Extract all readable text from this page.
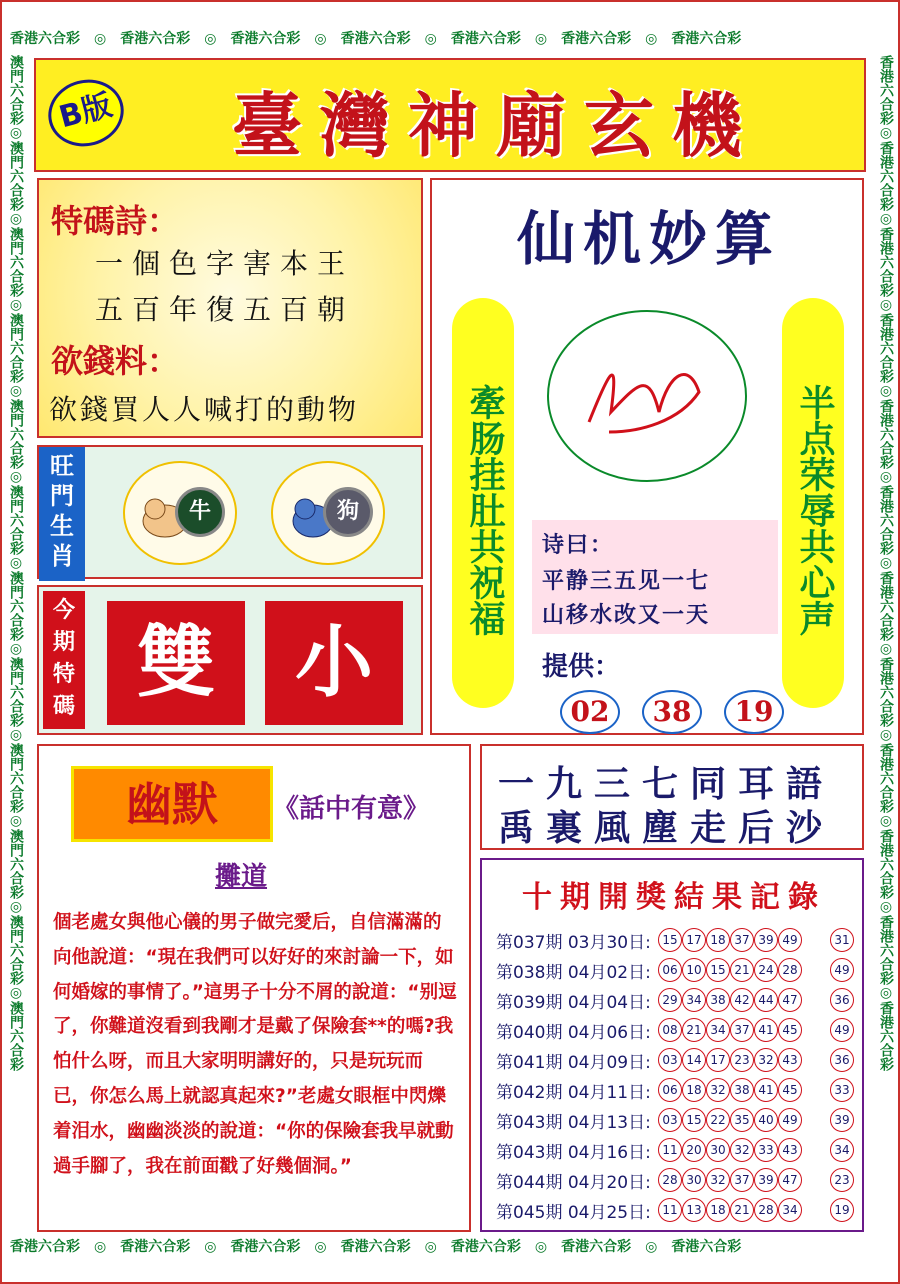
香港六合彩　◎　香港六合彩　◎　香港六合彩　◎　香港六合彩　◎　香港六合彩　◎　香港六合彩　◎　香港六合彩
香港六合彩　◎　香港六合彩　◎　香港六合彩　◎　香港六合彩　◎　香港六合彩　◎　香港六合彩　◎　香港六合彩
澳門六合彩◎澳門六合彩◎澳門六合彩◎澳門六合彩◎澳門六合彩◎澳門六合彩◎澳門六合彩◎澳門六合彩◎澳門六合彩◎澳門六合彩◎澳門六合彩◎澳門六合彩
香港六合彩◎香港六合彩◎香港六合彩◎香港六合彩◎香港六合彩◎香港六合彩◎香港六合彩◎香港六合彩◎香港六合彩◎香港六合彩◎香港六合彩◎香港六合彩
B版	臺灣神廟玄機
特碼詩：
一個色字害本王
五百年復五百朝
欲錢料：
欲錢買人人喊打的動物
旺門生肖
牛	狗
今期特碼 雙	小
仙机妙算
牽肠挂肚共祝福	半点荣辱共心声
诗曰：
平静三五见一七
山移水改又一天
提供：
02	38	19
幽默	《話中有意》
攤道
個老處女與他心儀的男子做完愛后，自信滿滿的向他說道：“現在我們可以好好的來討論一下，如何婚嫁的事情了。”這男子十分不屑的說道：“别逗了，你難道沒看到我剛才是戴了保險套**的嗎?我怕什么呀，而且大家明明講好的，只是玩玩而已，你怎么馬上就認真起來?”老處女眼框中閃爍着泪水，幽幽淡淡的說道：“你的保險套我早就動過手腳了，我在前面戳了好幾個洞。”
一九三七同耳語
禹裏風塵走后沙
十期開獎結果記錄
第037期 03月30日: 15 17 18 37 39 49	31
第038期 04月02日: 06 10 15 21 24 28	49
第039期 04月04日: 29 34 38 42 44 47	36
第040期 04月06日: 08 21 34 37 41 45	49
第041期 04月09日: 03 14 17 23 32 43	36
第042期 04月11日: 06 18 32 38 41 45	33
第043期 04月13日: 03 15 22 35 40 49	39
第043期 04月16日: 11 20 30 32 33 43	34
第044期 04月20日: 28 30 32 37 39 47	23
第045期 04月25日: 11 13 18 21 28 34	19
